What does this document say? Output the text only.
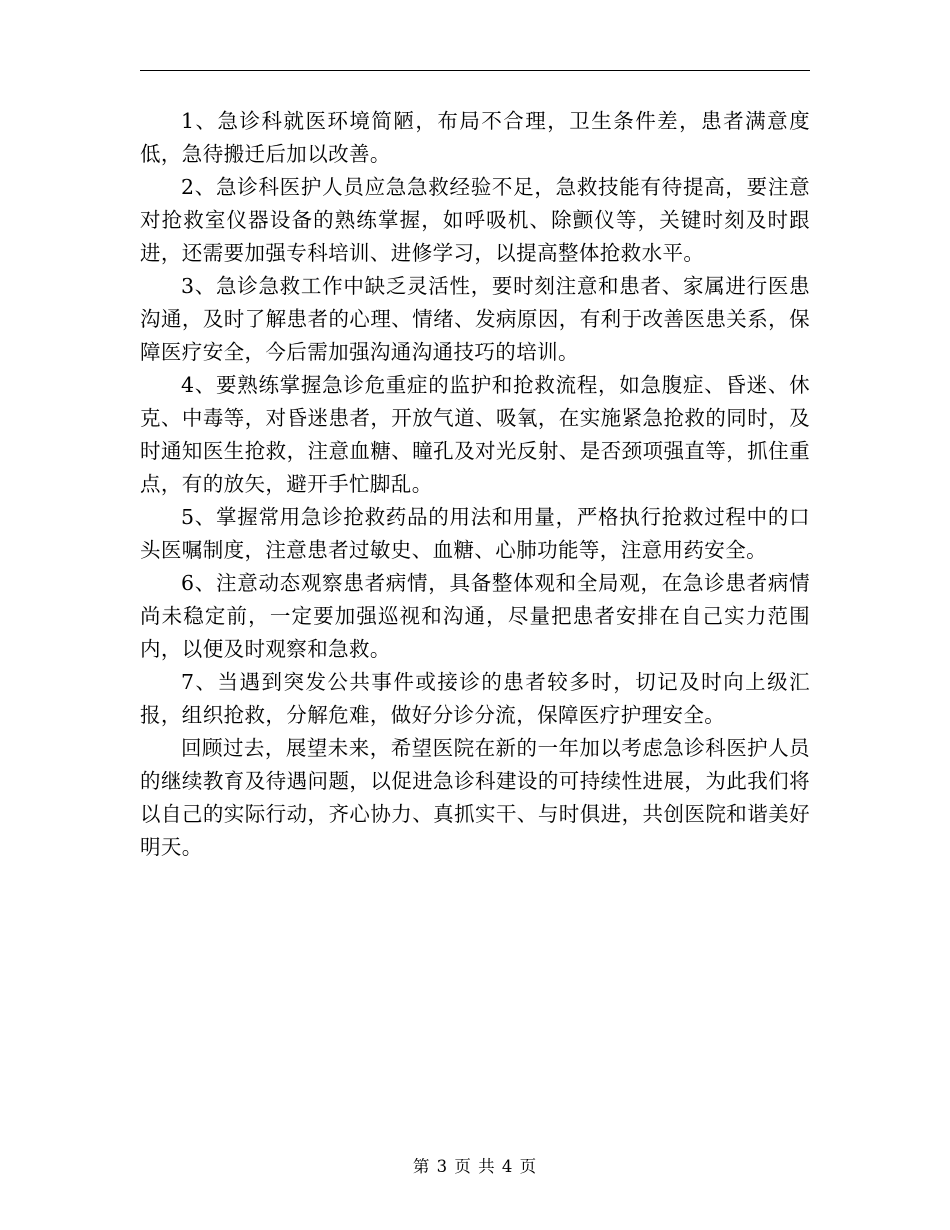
1、急诊科就医环境简陋，布局不合理，卫生条件差，患者满意度低，急待搬迁后加以改善。

2、急诊科医护人员应急急救经验不足，急救技能有待提高，要注意对抢救室仪器设备的熟练掌握，如呼吸机、除颤仪等，关键时刻及时跟进，还需要加强专科培训、进修学习，以提高整体抢救水平。

3、急诊急救工作中缺乏灵活性，要时刻注意和患者、家属进行医患沟通，及时了解患者的心理、情绪、发病原因，有利于改善医患关系，保障医疗安全，今后需加强沟通沟通技巧的培训。

4、要熟练掌握急诊危重症的监护和抢救流程，如急腹症、昏迷、休克、中毒等，对昏迷患者，开放气道、吸氧，在实施紧急抢救的同时，及时通知医生抢救，注意血糖、瞳孔及对光反射、是否颈项强直等，抓住重点，有的放矢，避开手忙脚乱。

5、掌握常用急诊抢救药品的用法和用量，严格执行抢救过程中的口头医嘱制度，注意患者过敏史、血糖、心肺功能等，注意用药安全。

6、注意动态观察患者病情，具备整体观和全局观，在急诊患者病情尚未稳定前，一定要加强巡视和沟通，尽量把患者安排在自己实力范围内，以便及时观察和急救。

7、当遇到突发公共事件或接诊的患者较多时，切记及时向上级汇报，组织抢救，分解危难，做好分诊分流，保障医疗护理安全。

回顾过去，展望未来，希望医院在新的一年加以考虑急诊科医护人员的继续教育及待遇问题，以促进急诊科建设的可持续性进展，为此我们将以自己的实际行动，齐心协力、真抓实干、与时俱进，共创医院和谐美好明天。

第 3 页 共 4 页
